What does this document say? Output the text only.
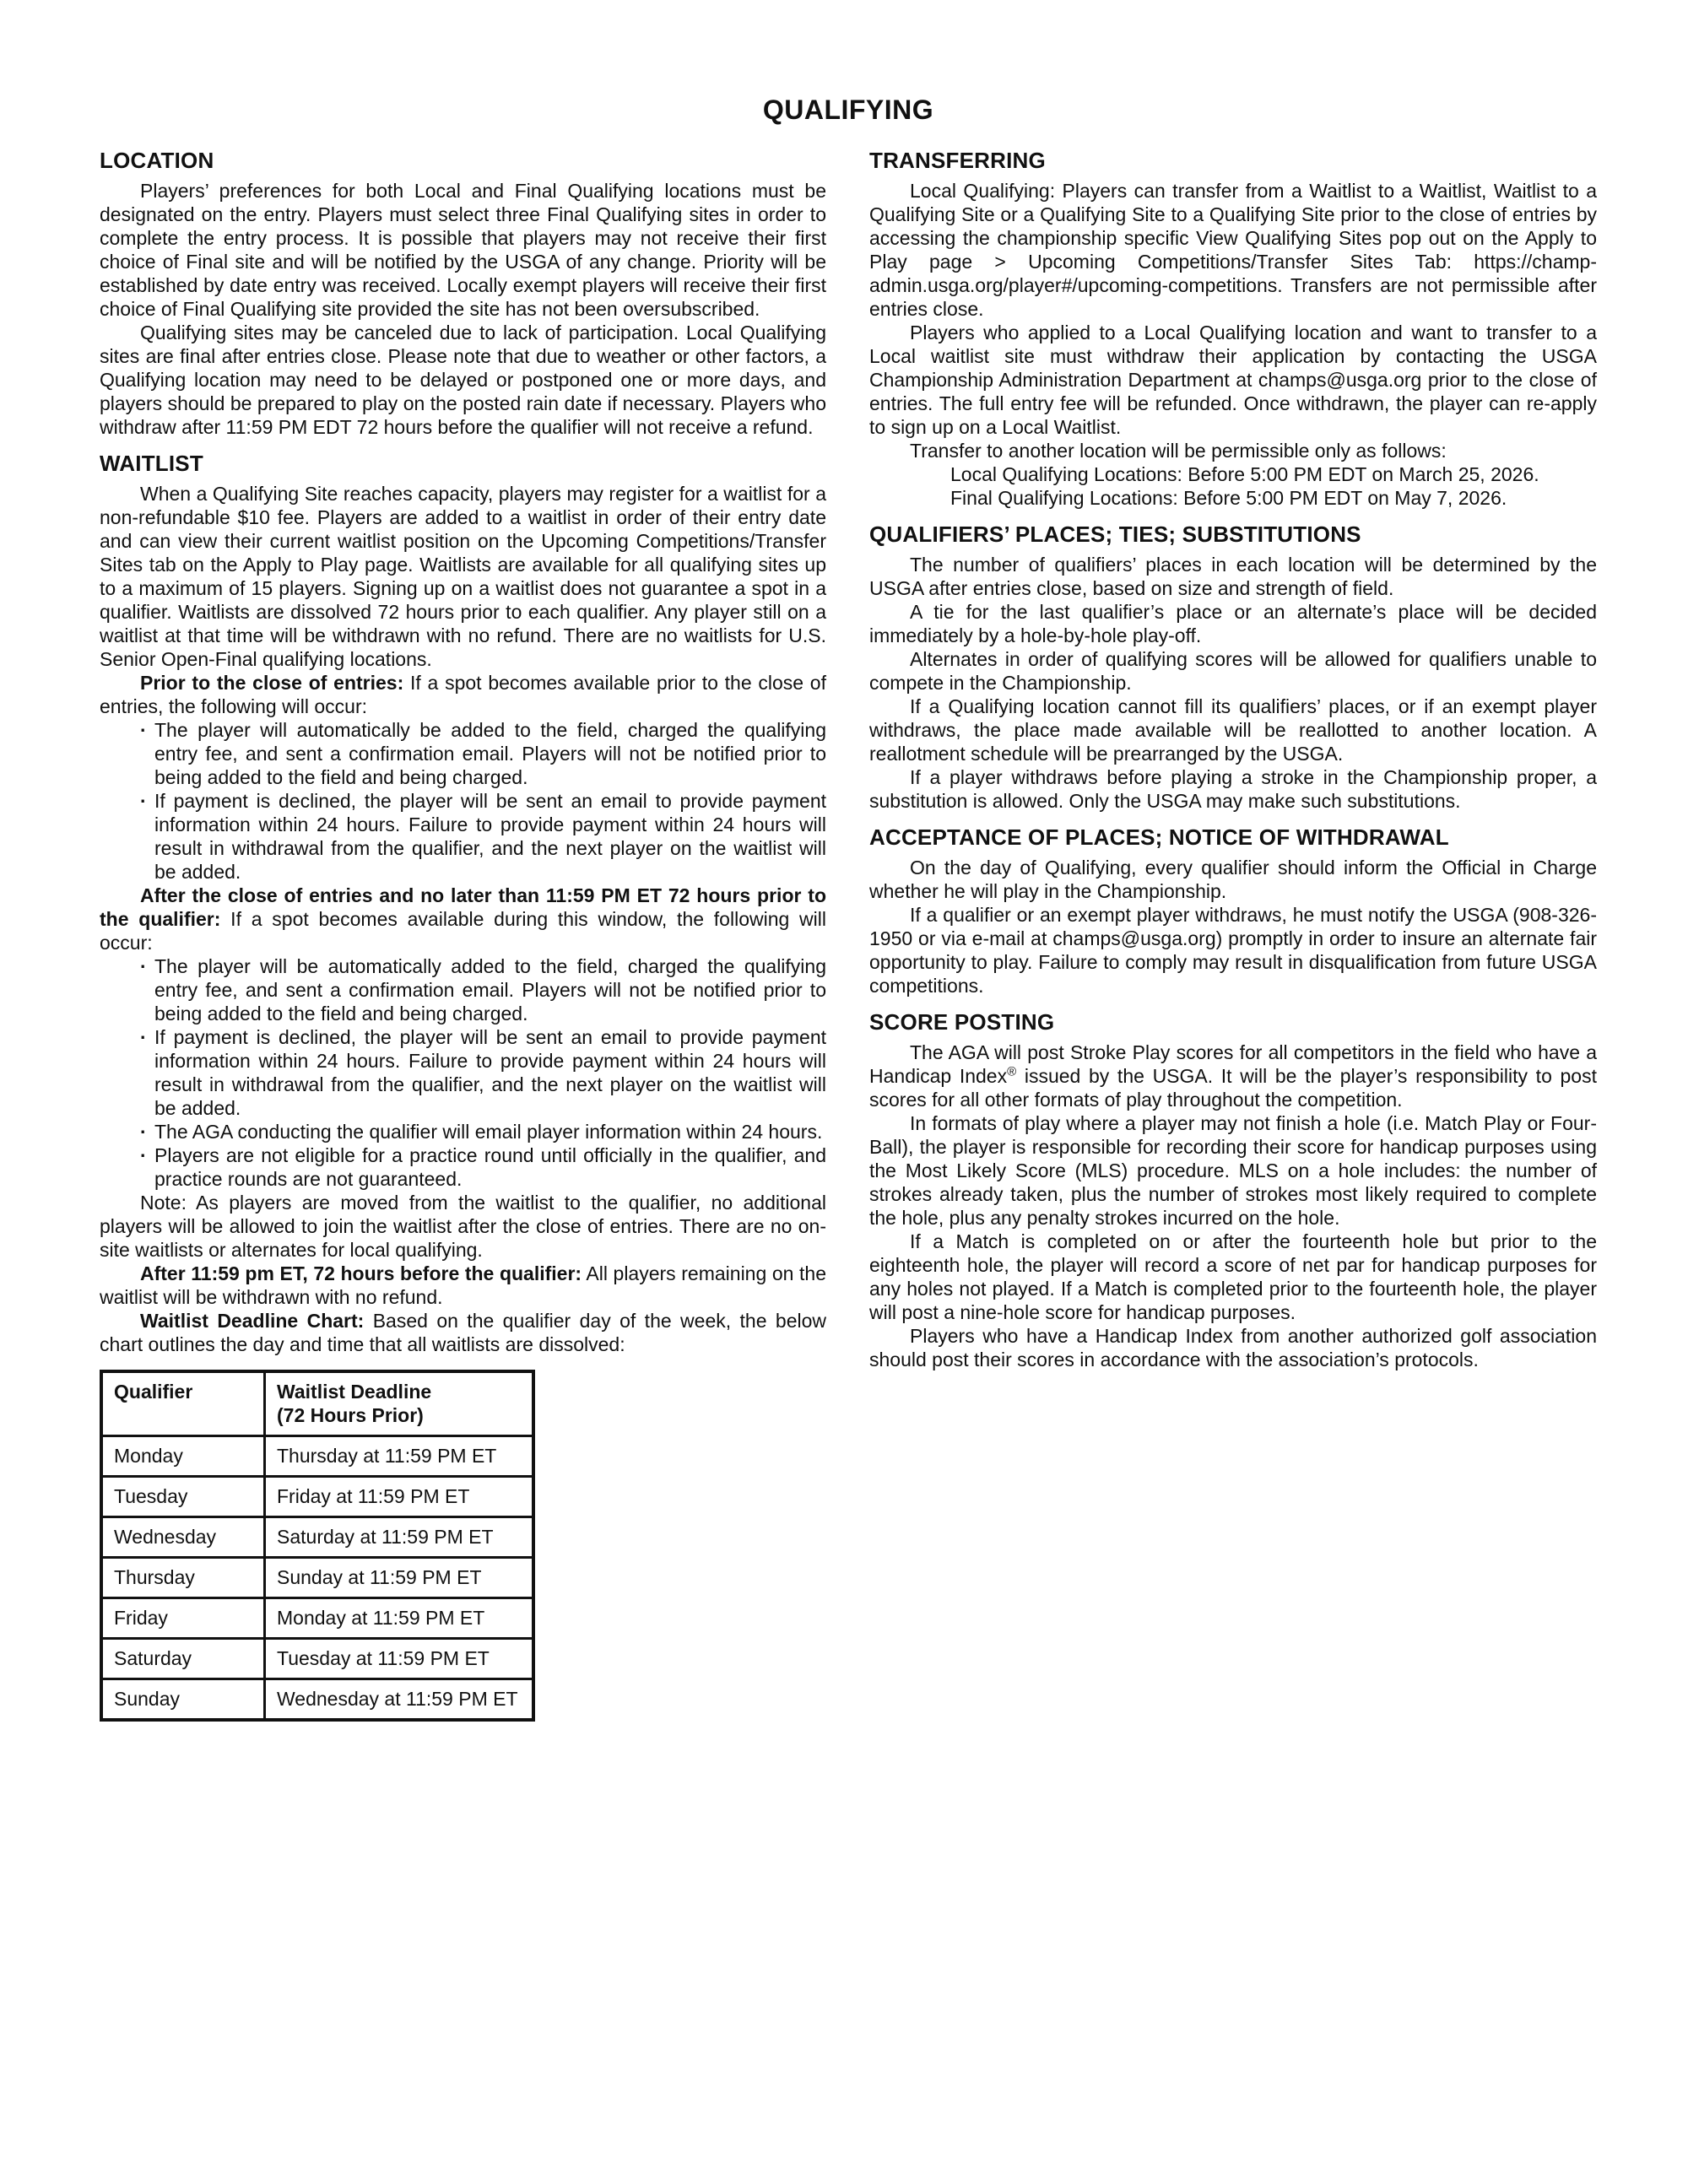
QUALIFYING
LOCATION

Players’ preferences for both Local and Final Qualifying locations must be designated on the entry. Players must select three Final Qualifying sites in order to complete the entry process. It is possible that players may not receive their first choice of Final site and will be notified by the USGA of any change. Priority will be established by date entry was received. Locally exempt players will receive their first choice of Final Qualifying site provided the site has not been oversubscribed.

Qualifying sites may be canceled due to lack of participation. Local Qualifying sites are final after entries close. Please note that due to weather or other factors, a Qualifying location may need to be delayed or postponed one or more days, and players should be prepared to play on the posted rain date if necessary. Players who withdraw after 11:59 PM EDT 72 hours before the qualifier will not receive a refund.

WAITLIST

When a Qualifying Site reaches capacity, players may register for a waitlist for a non-refundable $10 fee. Players are added to a waitlist in order of their entry date and can view their current waitlist position on the Upcoming Competitions/Transfer Sites tab on the Apply to Play page. Waitlists are available for all qualifying sites up to a maximum of 15 players. Signing up on a waitlist does not guarantee a spot in a qualifier. Waitlists are dissolved 72 hours prior to each qualifier. Any player still on a waitlist at that time will be withdrawn with no refund. There are no waitlists for U.S. Senior Open-Final qualifying locations.

Prior to the close of entries: If a spot becomes available prior to the close of entries, the following will occur:

· The player will automatically be added to the field, charged the qualifying entry fee, and sent a confirmation email. Players will not be notified prior to being added to the field and being charged.
· If payment is declined, the player will be sent an email to provide payment information within 24 hours. Failure to provide payment within 24 hours will result in withdrawal from the qualifier, and the next player on the waitlist will be added.

After the close of entries and no later than 11:59 PM ET 72 hours prior to the qualifier: If a spot becomes available during this window, the following will occur:

· The player will be automatically added to the field, charged the qualifying entry fee, and sent a confirmation email. Players will not be notified prior to being added to the field and being charged.
· If payment is declined, the player will be sent an email to provide payment information within 24 hours. Failure to provide payment within 24 hours will result in withdrawal from the qualifier, and the next player on the waitlist will be added.
· The AGA conducting the qualifier will email player information within 24 hours.
· Players are not eligible for a practice round until officially in the qualifier, and practice rounds are not guaranteed.

Note: As players are moved from the waitlist to the qualifier, no additional players will be allowed to join the waitlist after the close of entries. There are no on-site waitlists or alternates for local qualifying.

After 11:59 pm ET, 72 hours before the qualifier: All players remaining on the waitlist will be withdrawn with no refund.

Waitlist Deadline Chart: Based on the qualifier day of the week, the below chart outlines the day and time that all waitlists are dissolved:

Qualifier	Waitlist Deadline
(72 Hours Prior)
Monday	Thursday at 11:59 PM ET
Tuesday	Friday at 11:59 PM ET
Wednesday	Saturday at 11:59 PM ET
Thursday	Sunday at 11:59 PM ET
Friday	Monday at 11:59 PM ET
Saturday	Tuesday at 11:59 PM ET
Sunday	Wednesday at 11:59 PM ET
TRANSFERRING

Local Qualifying: Players can transfer from a Waitlist to a Waitlist, Waitlist to a Qualifying Site or a Qualifying Site to a Qualifying Site prior to the close of entries by accessing the championship specific View Qualifying Sites pop out on the Apply to Play page > Upcoming Competitions/Transfer Sites Tab: https://champ-admin.usga.org/player#/upcoming-competitions. Transfers are not permissible after entries close.

Players who applied to a Local Qualifying location and want to transfer to a Local waitlist site must withdraw their application by contacting the USGA Championship Administration Department at champs@usga.org prior to the close of entries. The full entry fee will be refunded. Once withdrawn, the player can re-apply to sign up on a Local Waitlist.

Transfer to another location will be permissible only as follows:

Local Qualifying Locations: Before 5:00 PM EDT on March 25, 2026.

Final Qualifying Locations: Before 5:00 PM EDT on May 7, 2026.

QUALIFIERS’ PLACES; TIES; SUBSTITUTIONS

The number of qualifiers’ places in each location will be determined by the USGA after entries close, based on size and strength of field.

A tie for the last qualifier’s place or an alternate’s place will be decided immediately by a hole-by-hole play-off.

Alternates in order of qualifying scores will be allowed for qualifiers unable to compete in the Championship.

If a Qualifying location cannot fill its qualifiers’ places, or if an exempt player withdraws, the place made available will be reallotted to another location. A reallotment schedule will be prearranged by the USGA.

If a player withdraws before playing a stroke in the Championship proper, a substitution is allowed. Only the USGA may make such substitutions.

ACCEPTANCE OF PLACES; NOTICE OF WITHDRAWAL

On the day of Qualifying, every qualifier should inform the Official in Charge whether he will play in the Championship.

If a qualifier or an exempt player withdraws, he must notify the USGA (908-326-1950 or via e-mail at champs@usga.org) promptly in order to insure an alternate fair opportunity to play. Failure to comply may result in disqualification from future USGA competitions.

SCORE POSTING

The AGA will post Stroke Play scores for all competitors in the field who have a Handicap Index® issued by the USGA. It will be the player’s responsibility to post scores for all other formats of play throughout the competition.

In formats of play where a player may not finish a hole (i.e. Match Play or Four-Ball), the player is responsible for recording their score for handicap purposes using the Most Likely Score (MLS) procedure. MLS on a hole includes: the number of strokes already taken, plus the number of strokes most likely required to complete the hole, plus any penalty strokes incurred on the hole.

If a Match is completed on or after the fourteenth hole but prior to the eighteenth hole, the player will record a score of net par for handicap purposes for any holes not played. If a Match is completed prior to the fourteenth hole, the player will post a nine-hole score for handicap purposes.

Players who have a Handicap Index from another authorized golf association should post their scores in accordance with the association’s protocols.
